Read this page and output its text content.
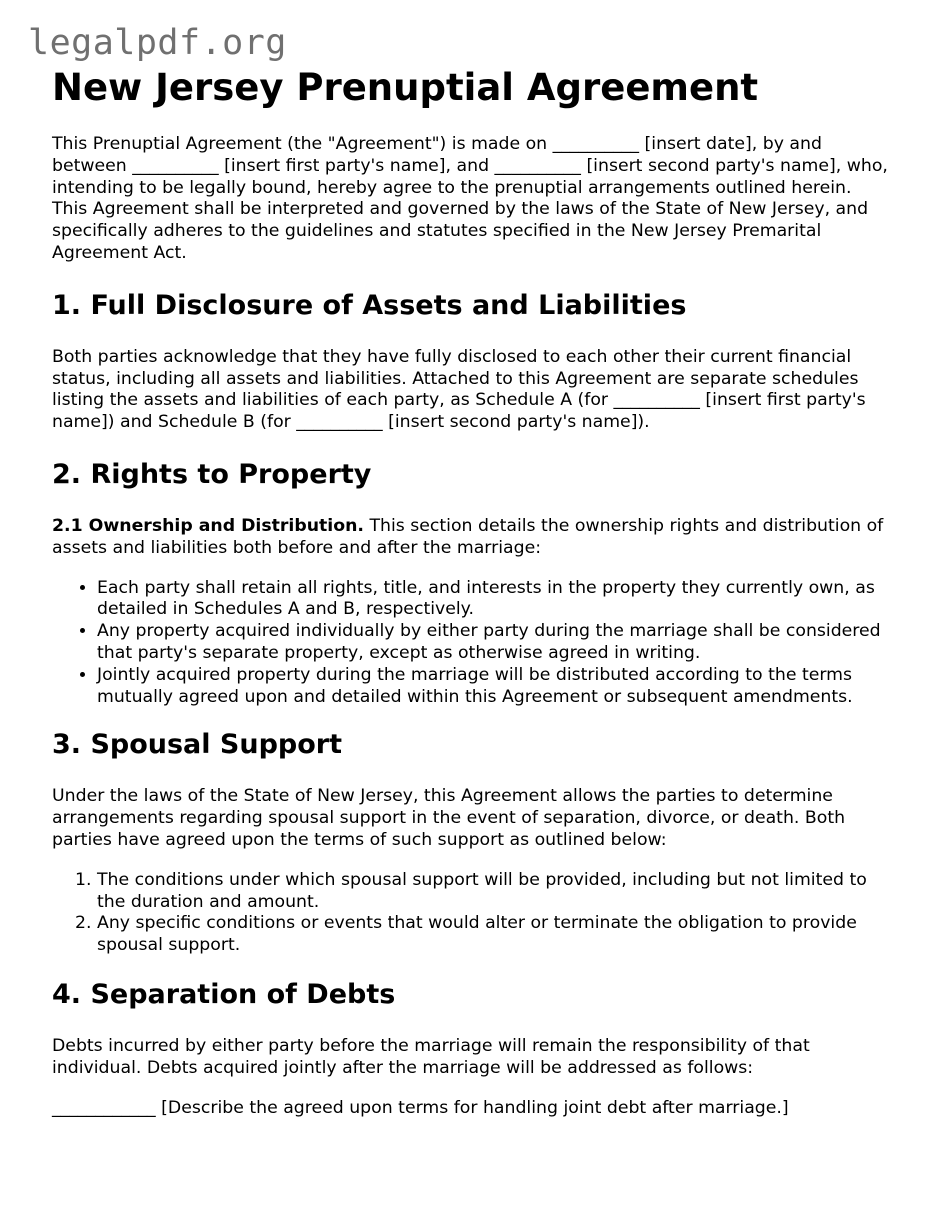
legalpdf.org
New Jersey Prenuptial Agreement

This Prenuptial Agreement (the "Agreement") is made on __________ [insert date], by and between __________ [insert first party's name], and __________ [insert second party's name], who, intending to be legally bound, hereby agree to the prenuptial arrangements outlined herein. This Agreement shall be interpreted and governed by the laws of the State of New Jersey, and specifically adheres to the guidelines and statutes specified in the New Jersey Premarital Agreement Act.

1. Full Disclosure of Assets and Liabilities

Both parties acknowledge that they have fully disclosed to each other their current financial status, including all assets and liabilities. Attached to this Agreement are separate schedules listing the assets and liabilities of each party, as Schedule A (for __________ [insert first party's name]) and Schedule B (for __________ [insert second party's name]).

2. Rights to Property

2.1 Ownership and Distribution. This section details the ownership rights and distribution of assets and liabilities both before and after the marriage:

• Each party shall retain all rights, title, and interests in the property they currently own, as detailed in Schedules A and B, respectively.
• Any property acquired individually by either party during the marriage shall be considered that party's separate property, except as otherwise agreed in writing.
• Jointly acquired property during the marriage will be distributed according to the terms mutually agreed upon and detailed within this Agreement or subsequent amendments.
3. Spousal Support

Under the laws of the State of New Jersey, this Agreement allows the parties to determine arrangements regarding spousal support in the event of separation, divorce, or death. Both parties have agreed upon the terms of such support as outlined below:

1. The conditions under which spousal support will be provided, including but not limited to the duration and amount.
2. Any specific conditions or events that would alter or terminate the obligation to provide spousal support.
4. Separation of Debts

Debts incurred by either party before the marriage will remain the responsibility of that individual. Debts acquired jointly after the marriage will be addressed as follows:

____________ [Describe the agreed upon terms for handling joint debt after marriage.]
